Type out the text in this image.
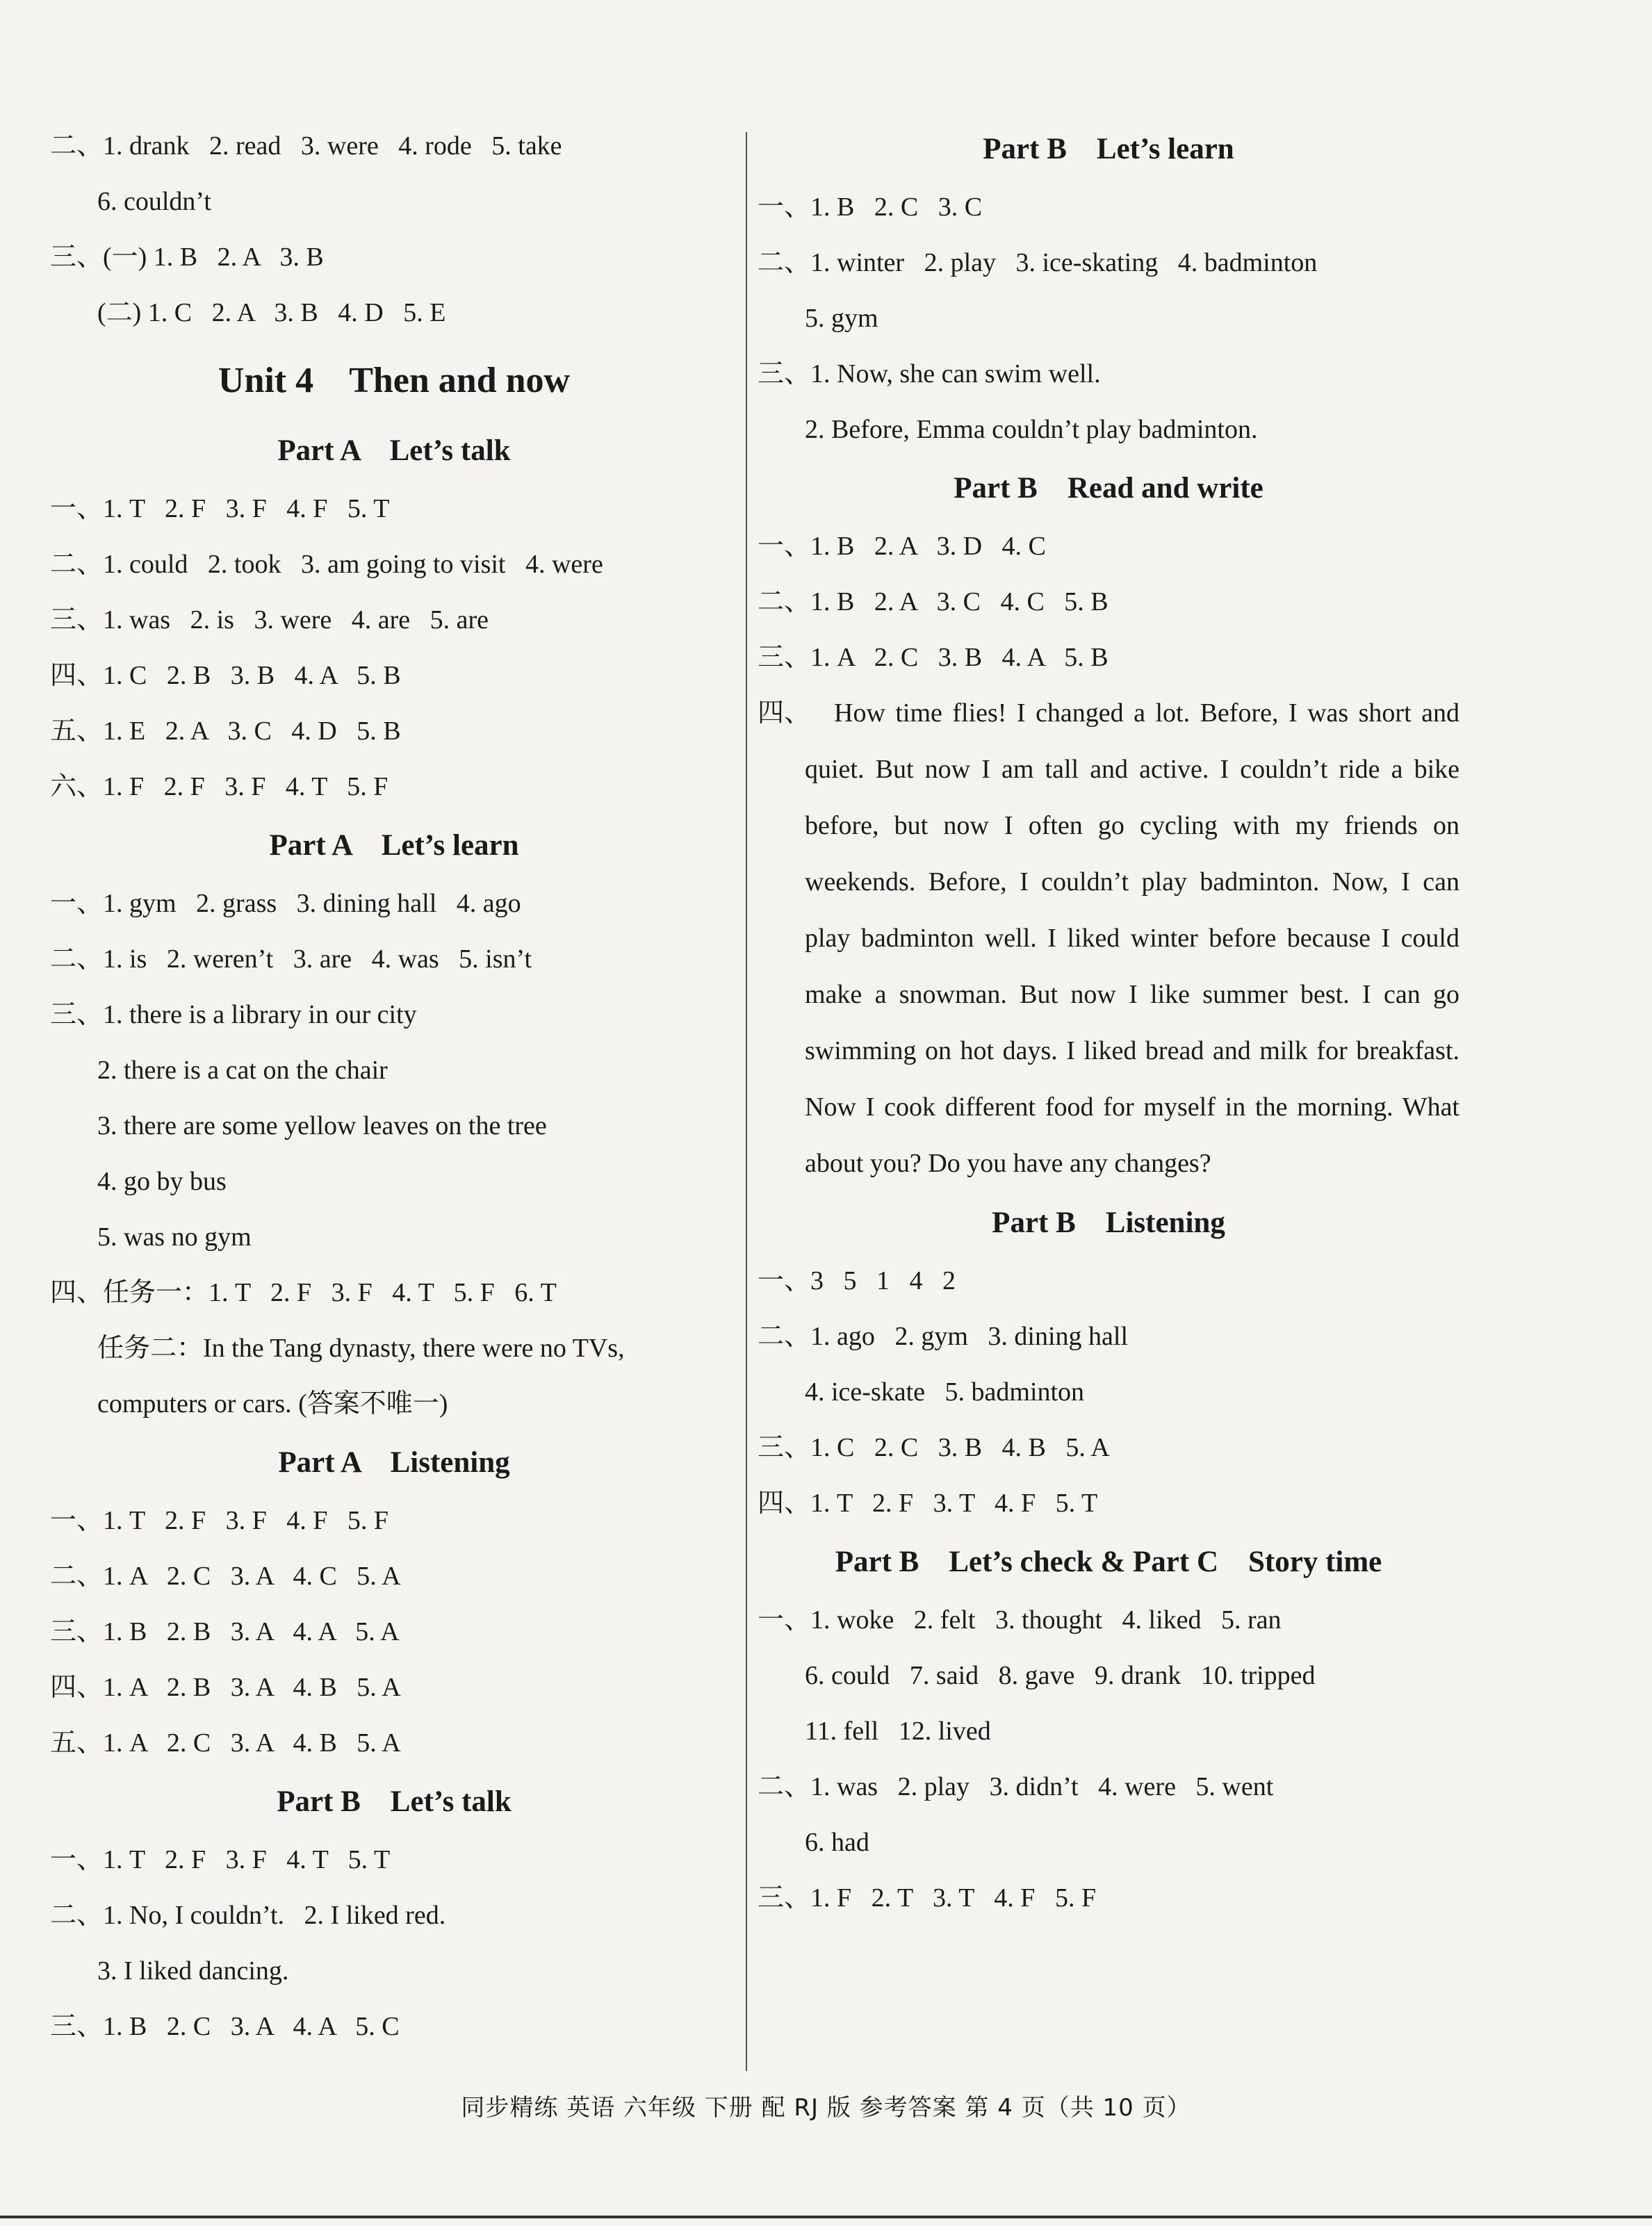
二、1. drank   2. read   3. were   4. rode   5. take
6. couldn’t
三、(一) 1. B   2. A   3. B
(二) 1. C   2. A   3. B   4. D   5. E
Unit 4    Then and now
Part A    Let’s talk
一、1. T   2. F   3. F   4. F   5. T
二、1. could   2. took   3. am going to visit   4. were
三、1. was   2. is   3. were   4. are   5. are
四、1. C   2. B   3. B   4. A   5. B
五、1. E   2. A   3. C   4. D   5. B
六、1. F   2. F   3. F   4. T   5. F
Part A    Let’s learn
一、1. gym   2. grass   3. dining hall   4. ago
二、1. is   2. weren’t   3. are   4. was   5. isn’t
三、1. there is a library in our city
2. there is a cat on the chair
3. there are some yellow leaves on the tree
4. go by bus
5. was no gym
四、任务一：1. T   2. F   3. F   4. T   5. F   6. T
任务二：In the Tang dynasty, there were no TVs,
computers or cars. (答案不唯一)
Part A    Listening
一、1. T   2. F   3. F   4. F   5. F
二、1. A   2. C   3. A   4. C   5. A
三、1. B   2. B   3. A   4. A   5. A
四、1. A   2. B   3. A   4. B   5. A
五、1. A   2. C   3. A   4. B   5. A
Part B    Let’s talk
一、1. T   2. F   3. F   4. T   5. T
二、1. No, I couldn’t.   2. I liked red.
3. I liked dancing.
三、1. B   2. C   3. A   4. A   5. C
Part B    Let’s learn
一、1. B   2. C   3. C
二、1. winter   2. play   3. ice-skating   4. badminton
5. gym
三、1. Now, she can swim well.
2. Before, Emma couldn’t play badminton.
Part B    Read and write
一、1. B   2. A   3. D   4. C
二、1. B   2. A   3. C   4. C   5. B
三、1. A   2. C   3. B   4. A   5. B
四、 How time flies! I changed a lot. Before, I was short and quiet. But now I am tall and active. I couldn’t ride a bike before, but now I often go cycling with my friends on weekends. Before, I couldn’t play badminton. Now, I can play badminton well. I liked winter before because I could make a snowman. But now I like summer best. I can go swimming on hot days. I liked bread and milk for breakfast. Now I cook different food for myself in the morning. What about you? Do you have any changes?
Part B    Listening
一、3   5   1   4   2
二、1. ago   2. gym   3. dining hall
4. ice-skate   5. badminton
三、1. C   2. C   3. B   4. B   5. A
四、1. T   2. F   3. T   4. F   5. T
Part B    Let’s check & Part C    Story time
一、1. woke   2. felt   3. thought   4. liked   5. ran
6. could   7. said   8. gave   9. drank   10. tripped
11. fell   12. lived
二、1. was   2. play   3. didn’t   4. were   5. went
6. had
三、1. F   2. T   3. T   4. F   5. F
同步精练 英语 六年级 下册 配 RJ 版 参考答案 第 4 页（共 10 页）
